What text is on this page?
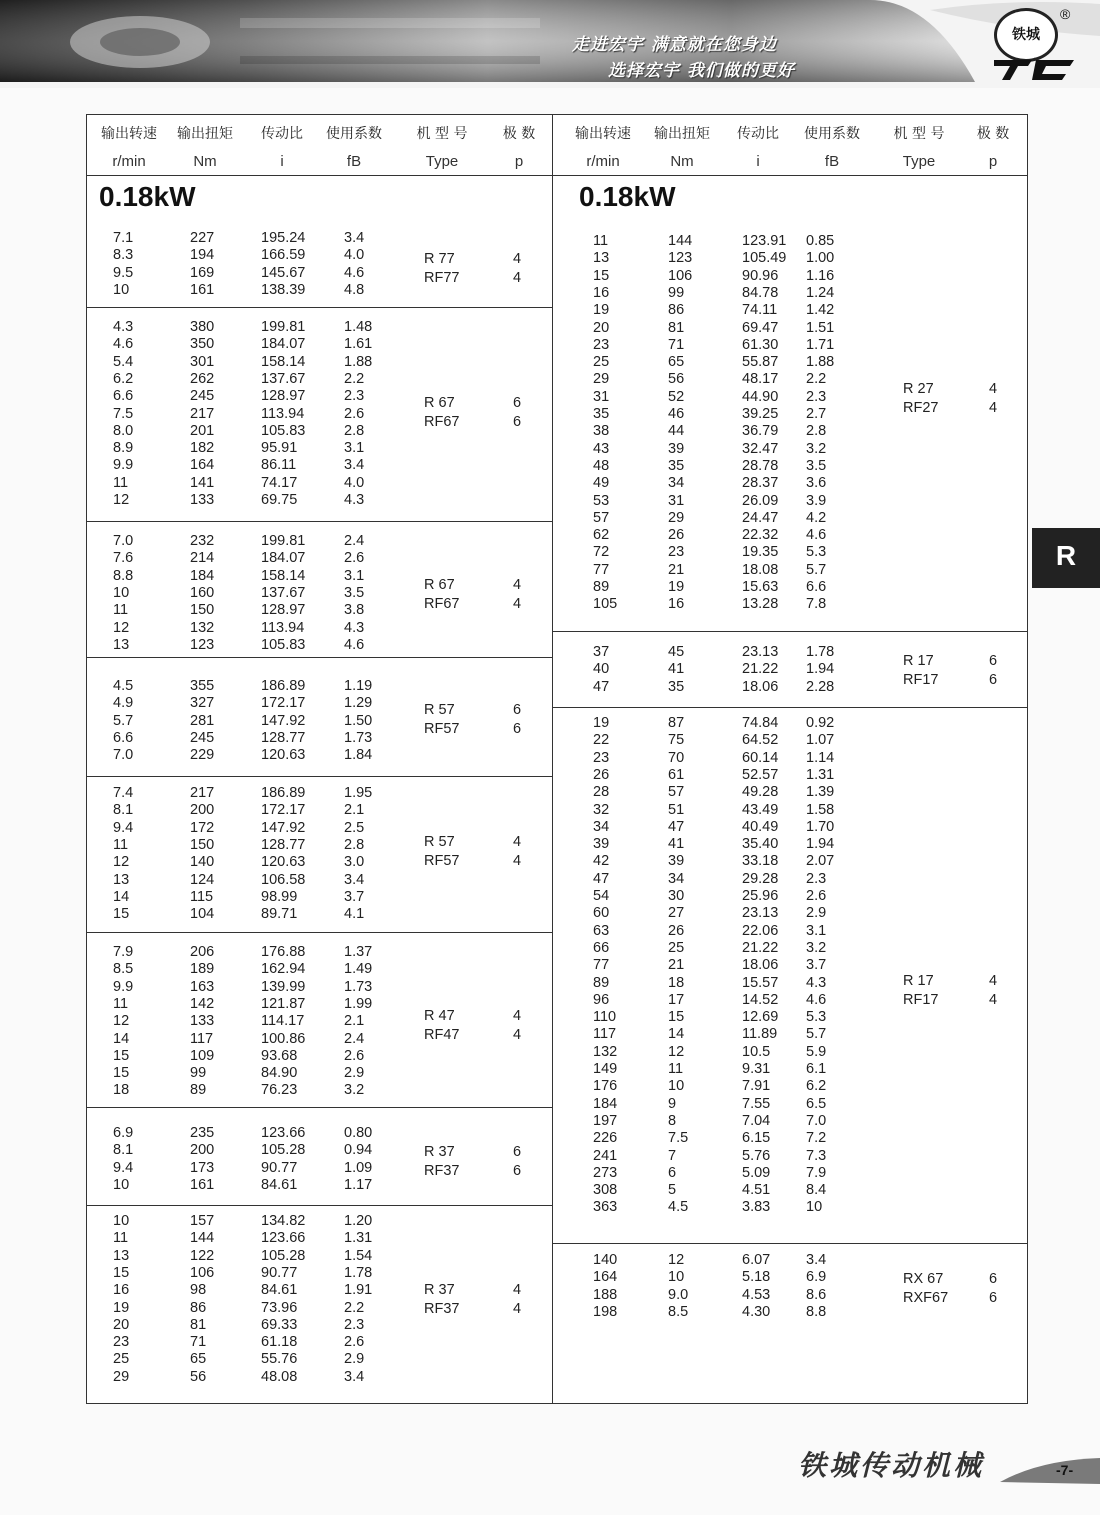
走进宏宇 满意就在您身边
选择宏宇 我们做的更好
铁城
®
TC
输出转速
r/min
输出扭矩
Nm
传动比
i
使用系数
fB
机 型 号
Type
极 数
p
0.18kW
7.1	227	195.24	3.4
8.3	194	166.59	4.0
9.5	169	145.67	4.6
10	161	138.39	4.8
R 77	4
RF77	4
4.3	380	199.81	1.48
4.6	350	184.07	1.61
5.4	301	158.14	1.88
6.2	262	137.67	2.2
6.6	245	128.97	2.3
7.5	217	113.94	2.6
8.0	201	105.83	2.8
8.9	182	95.91	3.1
9.9	164	86.11	3.4
11	141	74.17	4.0
12	133	69.75	4.3
R 67	6
RF67	6
7.0	232	199.81	2.4
7.6	214	184.07	2.6
8.8	184	158.14	3.1
10	160	137.67	3.5
11	150	128.97	3.8
12	132	113.94	4.3
13	123	105.83	4.6
R 67	4
RF67	4
4.5	355	186.89	1.19
4.9	327	172.17	1.29
5.7	281	147.92	1.50
6.6	245	128.77	1.73
7.0	229	120.63	1.84
R 57	6
RF57	6
7.4	217	186.89	1.95
8.1	200	172.17	2.1
9.4	172	147.92	2.5
11	150	128.77	2.8
12	140	120.63	3.0
13	124	106.58	3.4
14	115	98.99	3.7
15	104	89.71	4.1
R 57	4
RF57	4
7.9	206	176.88	1.37
8.5	189	162.94	1.49
9.9	163	139.99	1.73
11	142	121.87	1.99
12	133	114.17	2.1
14	117	100.86	2.4
15	109	93.68	2.6
15	99	84.90	2.9
18	89	76.23	3.2
R 47	4
RF47	4
6.9	235	123.66	0.80
8.1	200	105.28	0.94
9.4	173	90.77	1.09
10	161	84.61	1.17
R 37	6
RF37	6
10	157	134.82	1.20
11	144	123.66	1.31
13	122	105.28	1.54
15	106	90.77	1.78
16	98	84.61	1.91
19	86	73.96	2.2
20	81	69.33	2.3
23	71	61.18	2.6
25	65	55.76	2.9
29	56	48.08	3.4
R 37	4
RF37	4
输出转速
r/min
输出扭矩
Nm
传动比
i
使用系数
fB
机 型 号
Type
极 数
p
0.18kW
11	144	123.91 0.85
13	123	105.49 1.00
15	106	90.96 1.16
16	99	84.78 1.24
19	86	74.11 1.42
20	81	69.47 1.51
23	71	61.30 1.71
25	65	55.87 1.88
29	56	48.17 2.2
31	52	44.90 2.3
35	46	39.25 2.7
38	44	36.79 2.8
43	39	32.47 3.2
48	35	28.78 3.5
49	34	28.37 3.6
53	31	26.09 3.9
57	29	24.47 4.2
62	26	22.32 4.6
72	23	19.35 5.3
77	21	18.08 5.7
89	19	15.63 6.6
105	16	13.28 7.8
R 27	4
RF27	4
37	45	23.13 1.78
40	41	21.22 1.94
47	35	18.06 2.28
R 17	6
RF17	6
19	87	74.84 0.92
22	75	64.52 1.07
23	70	60.14 1.14
26	61	52.57 1.31
28	57	49.28 1.39
32	51	43.49 1.58
34	47	40.49 1.70
39	41	35.40 1.94
42	39	33.18 2.07
47	34	29.28 2.3
54	30	25.96 2.6
60	27	23.13 2.9
63	26	22.06 3.1
66	25	21.22 3.2
77	21	18.06 3.7
89	18	15.57 4.3
96	17	14.52 4.6
110	15	12.69 5.3
117	14	11.89 5.7
132	12	10.5 5.9
149	11	9.31 6.1
176	10	7.91 6.2
184	9	7.55 6.5
197	8	7.04 7.0
226	7.5	6.15 7.2
241	7	5.76 7.3
273	6	5.09 7.9
308	5	4.51 8.4
363	4.5	3.83 10
R 17	4
RF17	4
140	12	6.07 3.4
164	10	5.18 6.9
188	9.0	4.53 8.6
198	8.5	4.30 8.8
RX 67	6
RXF67	6
R
铁城传动机械	-7-
